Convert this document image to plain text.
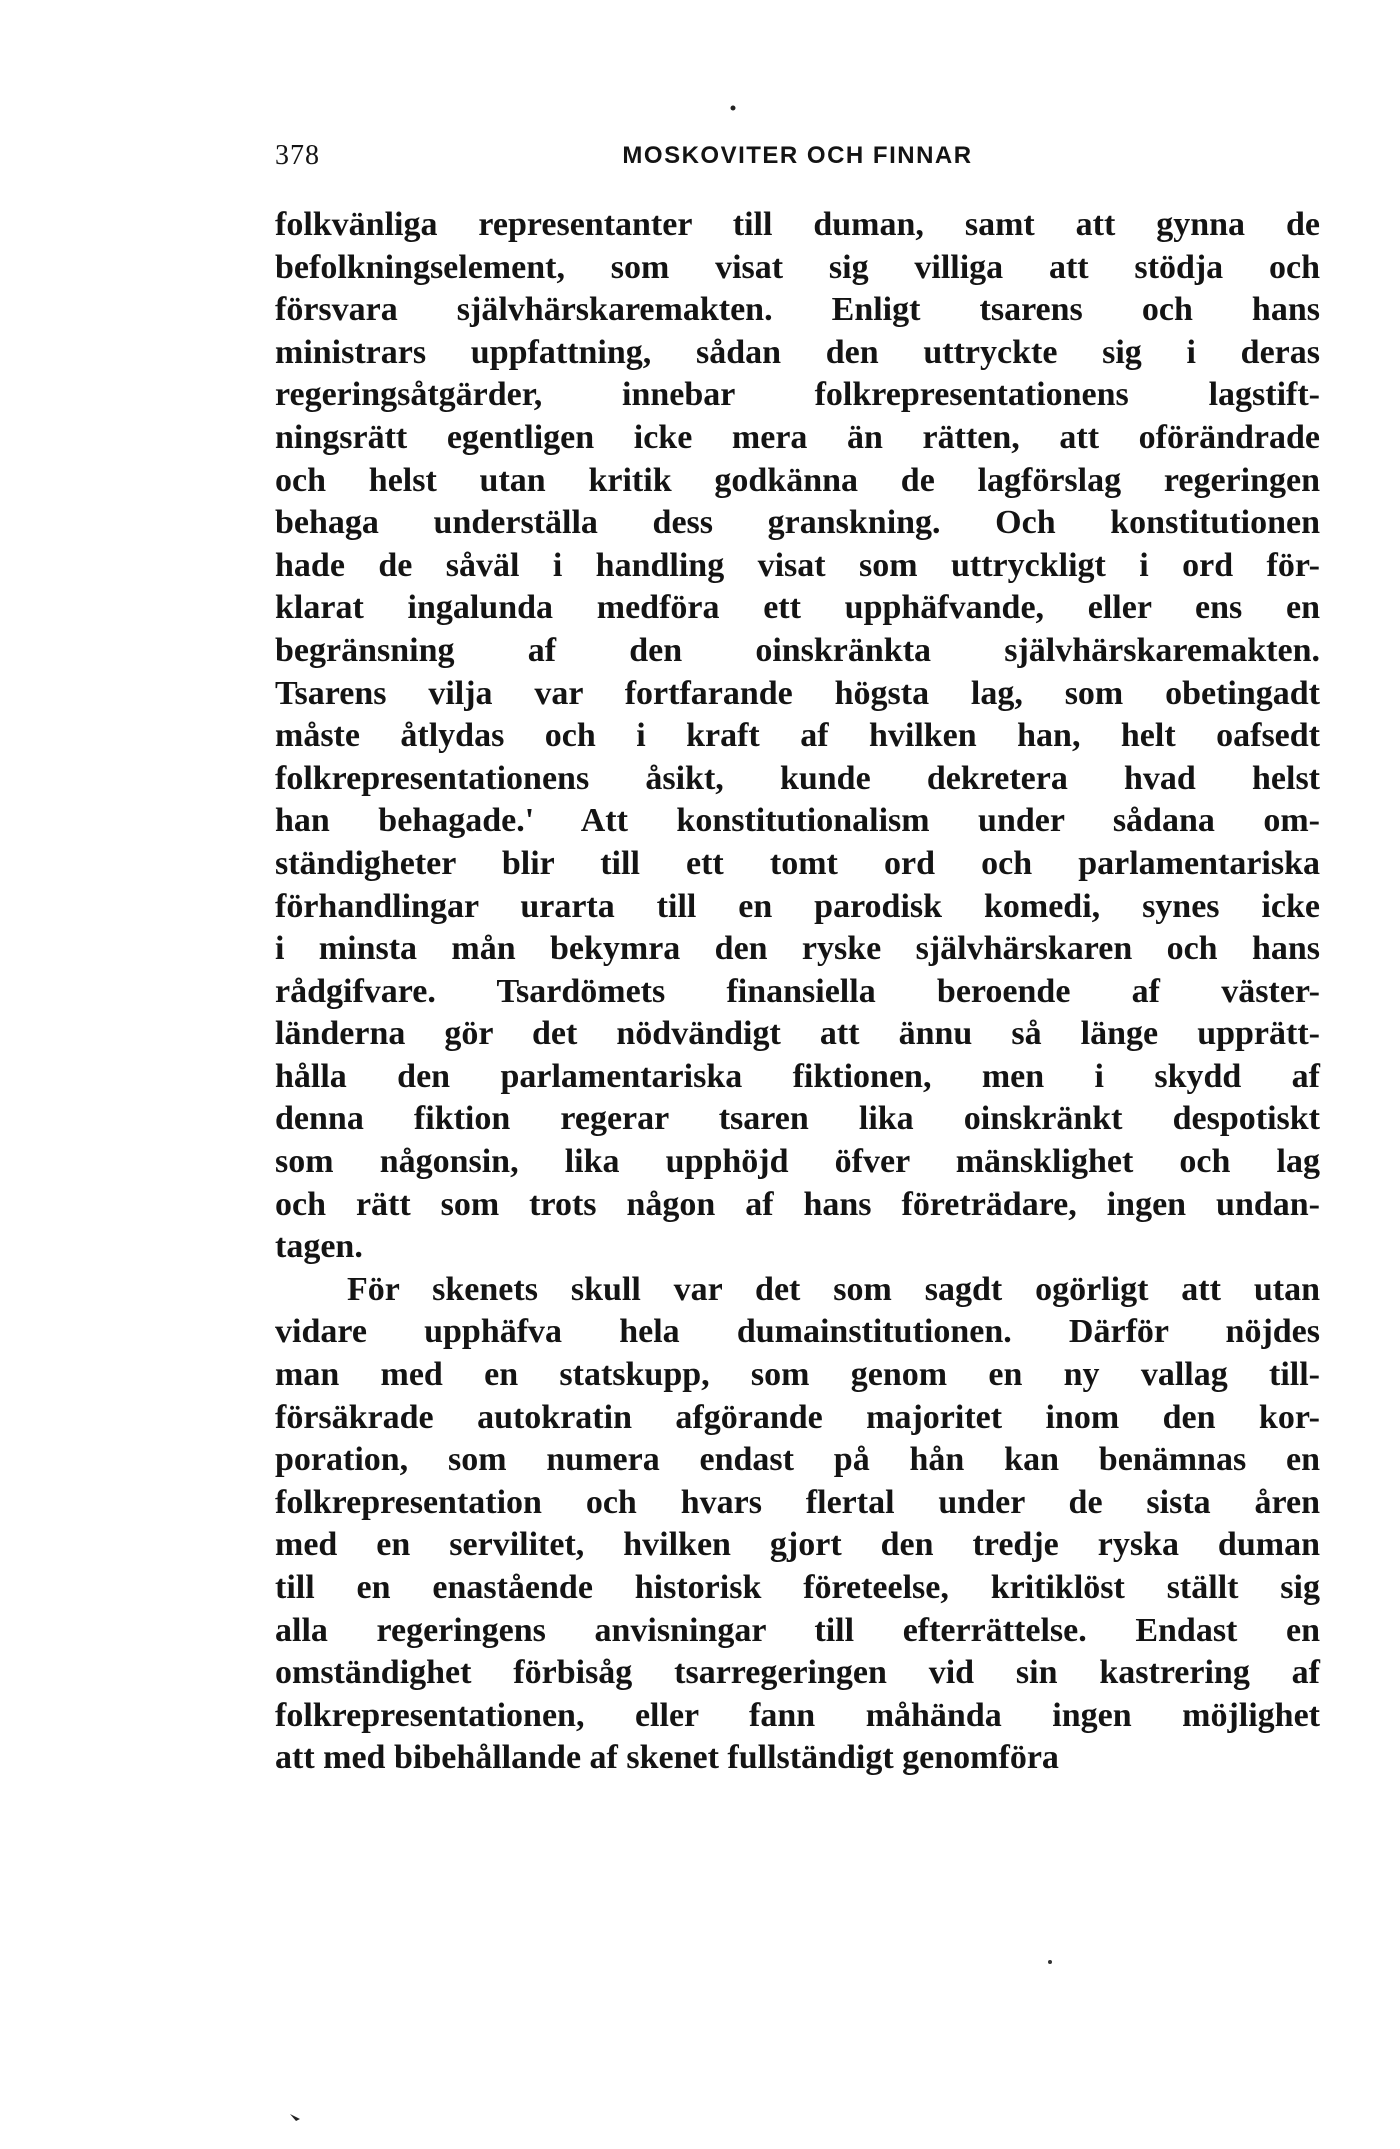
378	MOSKOVITER OCH FINNAR
folkvänliga representanter till duman, samt att gynna de
befolkningselement, som visat sig villiga att stödja och
försvara självhärskaremakten. Enligt tsarens och hans
ministrars uppfattning, sådan den uttryckte sig i deras
regeringsåtgärder, innebar folkrepresentationens lagstift-
ningsrätt egentligen icke mera än rätten, att oförändrade
och helst utan kritik godkänna de lagförslag regeringen
behaga underställa dess granskning. Och konstitutionen
hade de såväl i handling visat som uttryckligt i ord för-
klarat ingalunda medföra ett upphäfvande, eller ens en
begränsning af den oinskränkta självhärskaremakten.
Tsarens vilja var fortfarande högsta lag, som obetingadt
måste åtlydas och i kraft af hvilken han, helt oafsedt
folkrepresentationens åsikt, kunde dekretera hvad helst
han behagade.' Att konstitutionalism under sådana om-
ständigheter blir till ett tomt ord och parlamentariska
förhandlingar urarta till en parodisk komedi, synes icke
i minsta mån bekymra den ryske självhärskaren och hans
rådgifvare. Tsardömets finansiella beroende af väster-
länderna gör det nödvändigt att ännu så länge upprätt-
hålla den parlamentariska fiktionen, men i skydd af
denna fiktion regerar tsaren lika oinskränkt despotiskt
som någonsin, lika upphöjd öfver mänsklighet och lag
och rätt som trots någon af hans företrädare, ingen undan-
tagen.
För skenets skull var det som sagdt ogörligt att utan
vidare upphäfva hela dumainstitutionen. Därför nöjdes
man med en statskupp, som genom en ny vallag till-
försäkrade autokratin afgörande majoritet inom den kor-
poration, som numera endast på hån kan benämnas en
folkrepresentation och hvars flertal under de sista åren
med en servilitet, hvilken gjort den tredje ryska duman
till en enastående historisk företeelse, kritiklöst ställt sig
alla regeringens anvisningar till efterrättelse. Endast en
omständighet förbisåg tsarregeringen vid sin kastrering af
folkrepresentationen, eller fann måhända ingen möjlighet
att med bibehållande af skenet fullständigt genomföra
